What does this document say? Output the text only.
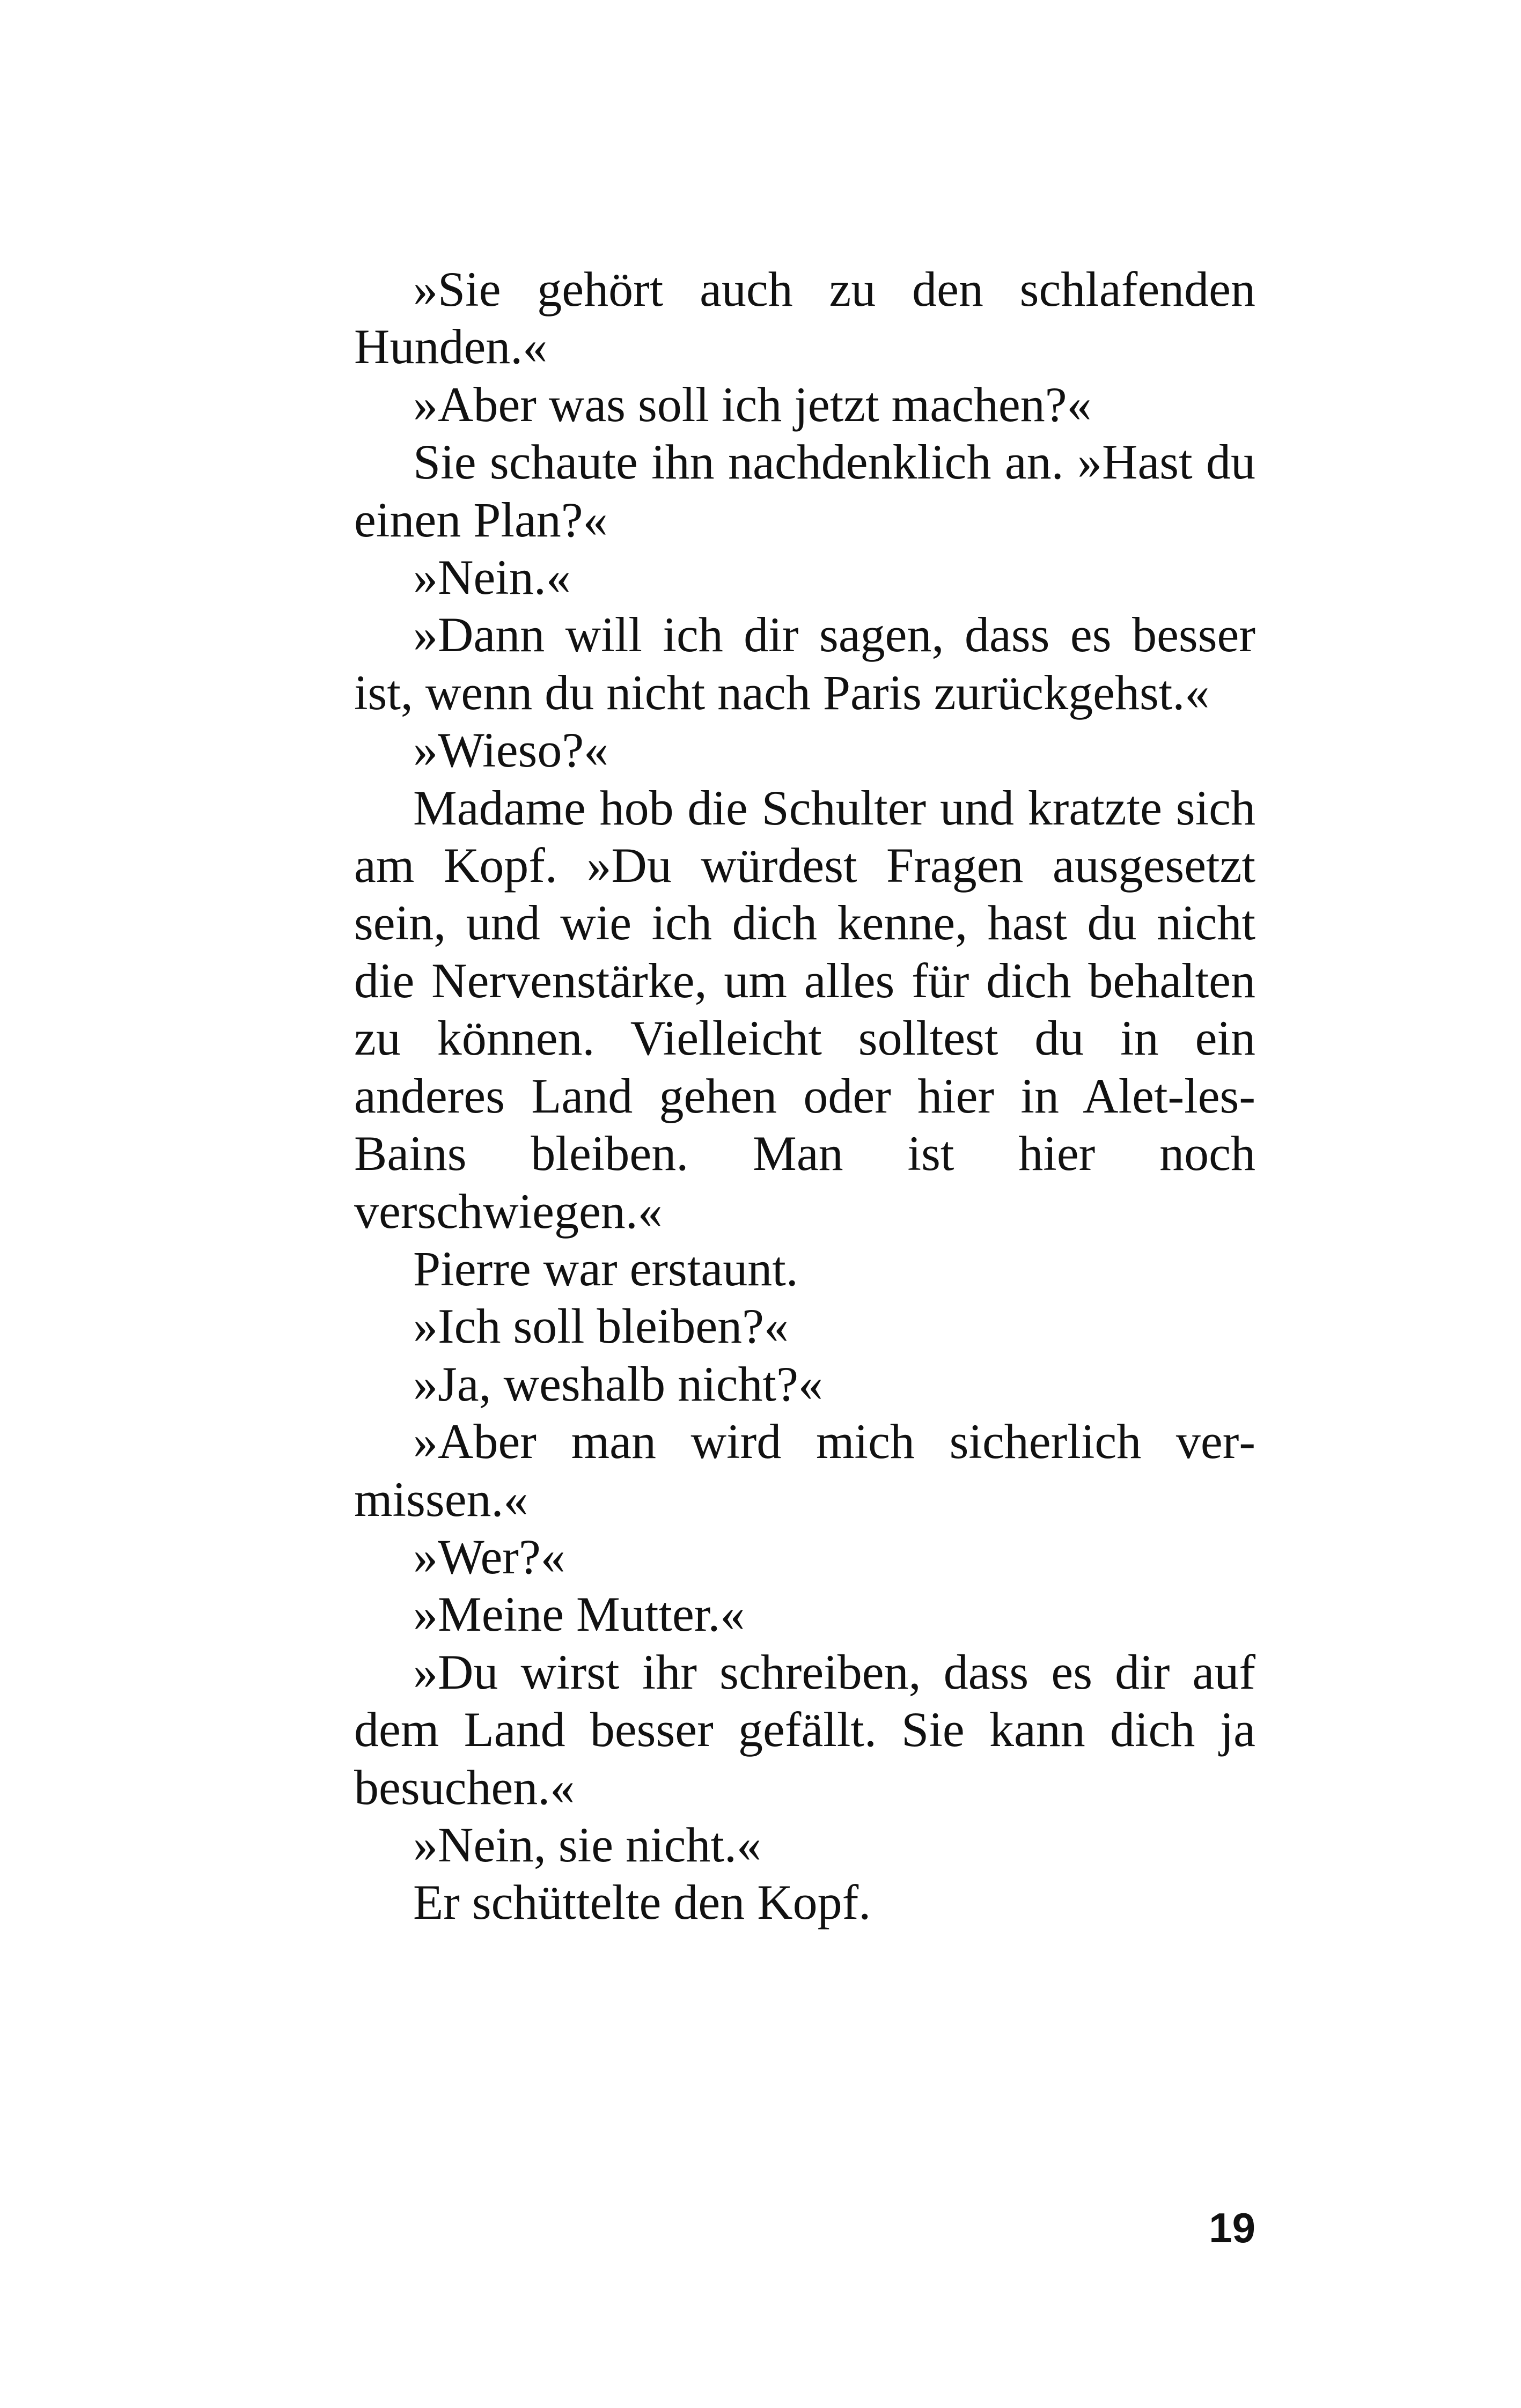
»Sie gehört auch zu den schlafenden Hunden.«

»Aber was soll ich jetzt machen?«

Sie schaute ihn nachdenklich an. »Hast du einen Plan?«

»Nein.«

»Dann will ich dir sagen, dass es besser ist, wenn du nicht nach Paris zurückgehst.«

»Wieso?«

Madame hob die Schulter und kratzte sich am Kopf. »Du würdest Fragen ausgesetzt sein, und wie ich dich kenne, hast du nicht die Nervenstärke, um alles für dich behalten zu können. Vielleicht solltest du in ein anderes Land gehen oder hier in Alet-les-Bains bleiben. Man ist hier noch verschwiegen.«

Pierre war erstaunt.

»Ich soll bleiben?«

»Ja, weshalb nicht?«

»Aber man wird mich sicherlich vermissen.«

»Wer?«

»Meine Mutter.«

»Du wirst ihr schreiben, dass es dir auf dem Land besser gefällt. Sie kann dich ja besuchen.«

»Nein, sie nicht.«

Er schüttelte den Kopf.

19
